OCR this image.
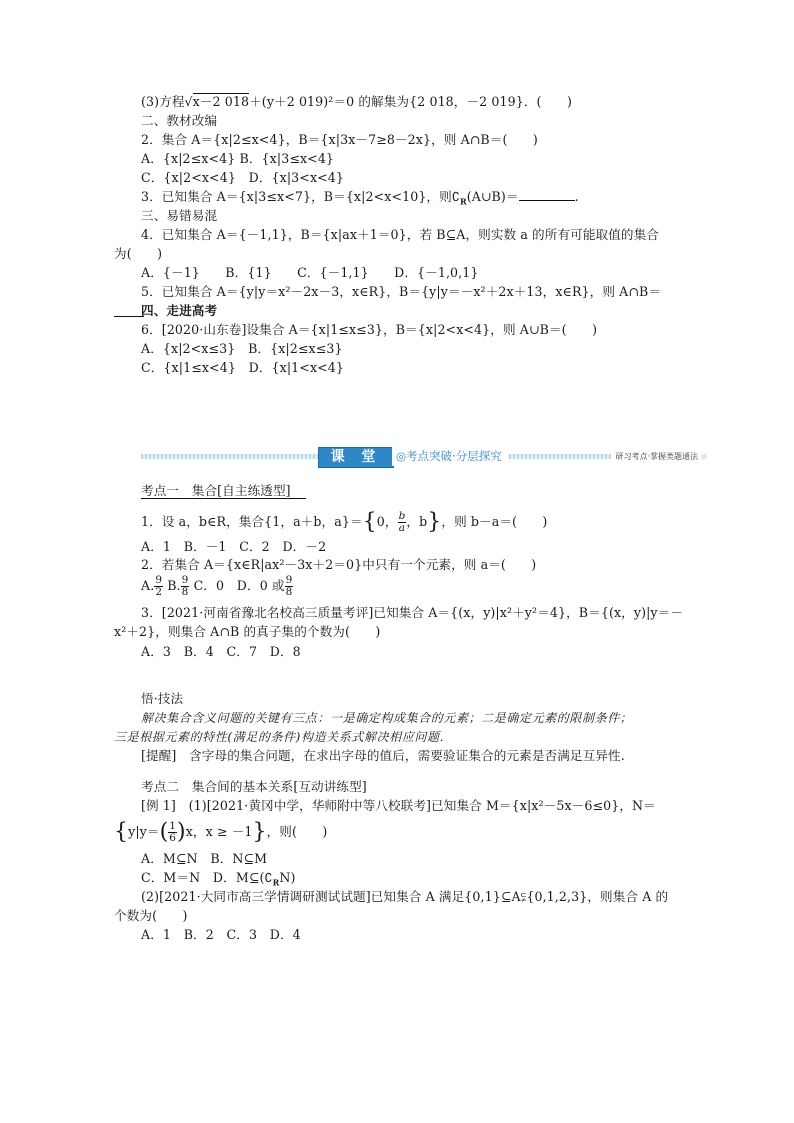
(3)方程√x－2 018＋(y＋2 019)²＝0 的解集为{2 018，－2 019}．(　　)
二、教材改编
2．集合 A＝{x|2≤x<4}，B＝{x|3x－7≥8－2x}，则 A∩B＝(　　)
A．{x|2≤x<4} B．{x|3≤x<4}
C．{x|2<x<4}　D．{x|3<x<4}
3．已知集合 A＝{x|3≤x<7}，B＝{x|2<x<10}，则$∁_R(A\cup B)=$	.
三、易错易混
4．已知集合 A＝{－1,1}，B＝{x|ax＋1＝0}，若 B⊆A，则实数 a 的所有可能取值的集合
为(　　)
A．{－1}　　B．{1}　　C．{－1,1}　　D．{－1,0,1}
5．已知集合 A＝{y|y＝x²－2x－3，x∈R}，B＝{y|y＝－x²＋2x＋13，x∈R}，则 A∩B＝
四、走进高考
6．[2020·山东卷]设集合 A＝{x|1≤x≤3}，B＝{x|2<x<4}，则 A∪B＝(　　)
A．{x|2<x≤3}　B．{x|2≤x≤3}
C．{x|1≤x<4}　D．{x|1<x<4}
课 堂	◎考点突破·分层探究	研习考点·掌握类题通法
考点一　集合[自主练透型]
1．设 a，b∈R，集合{1，a＋b，a}＝{0， $\frac{b}{a}$ ，b}，则 b－a＝(　　)
A．1　B．－1　C．2　D．－2
2．若集合 A＝{x∈R|ax²－3x＋2＝0}中只有一个元素，则 a＝(　　)
A. $\frac{9}{2} B$. $\frac{9}{8}$ C．0　D．0 或 $\frac{9}{8}$
3．[2021·河南省豫北名校高三质量考评]已知集合 A＝{(x，y)|x²＋y²＝4}，B＝{(x，y)|y＝－
x²＋2}，则集合 A∩B 的真子集的个数为(　　)
A．3　B．4　C．7　D．8
悟·技法
解决集合含义问题的关键有三点：一是确定构成集合的元素；二是确定元素的限制条件；
三是根据元素的特性(满足的条件)构造关系式解决相应问题．
[提醒]　含字母的集合问题，在求出字母的值后，需要验证集合的元素是否满足互异性.
考点二　集合间的基本关系[互动讲练型]
[例 1]　(1)[2021·黄冈中学，华师附中等八校联考]已知集合 M＝{x|x²－5x－6≤0}，N＝
{$y|y=( \frac{1}{6} )x$，x ≥ －1}，则(　　)
A．M⊆N　B．N⊆M
C．M＝N　D．$M⊆(∁_RN)$
(2)[2021·大同市高三学情调研测试试题]已知集合 A 满足{0,1}⊆A⫋{0,1,2,3}，则集合 A 的
个数为(　　)
A．1　B．2　C．3　D．4
